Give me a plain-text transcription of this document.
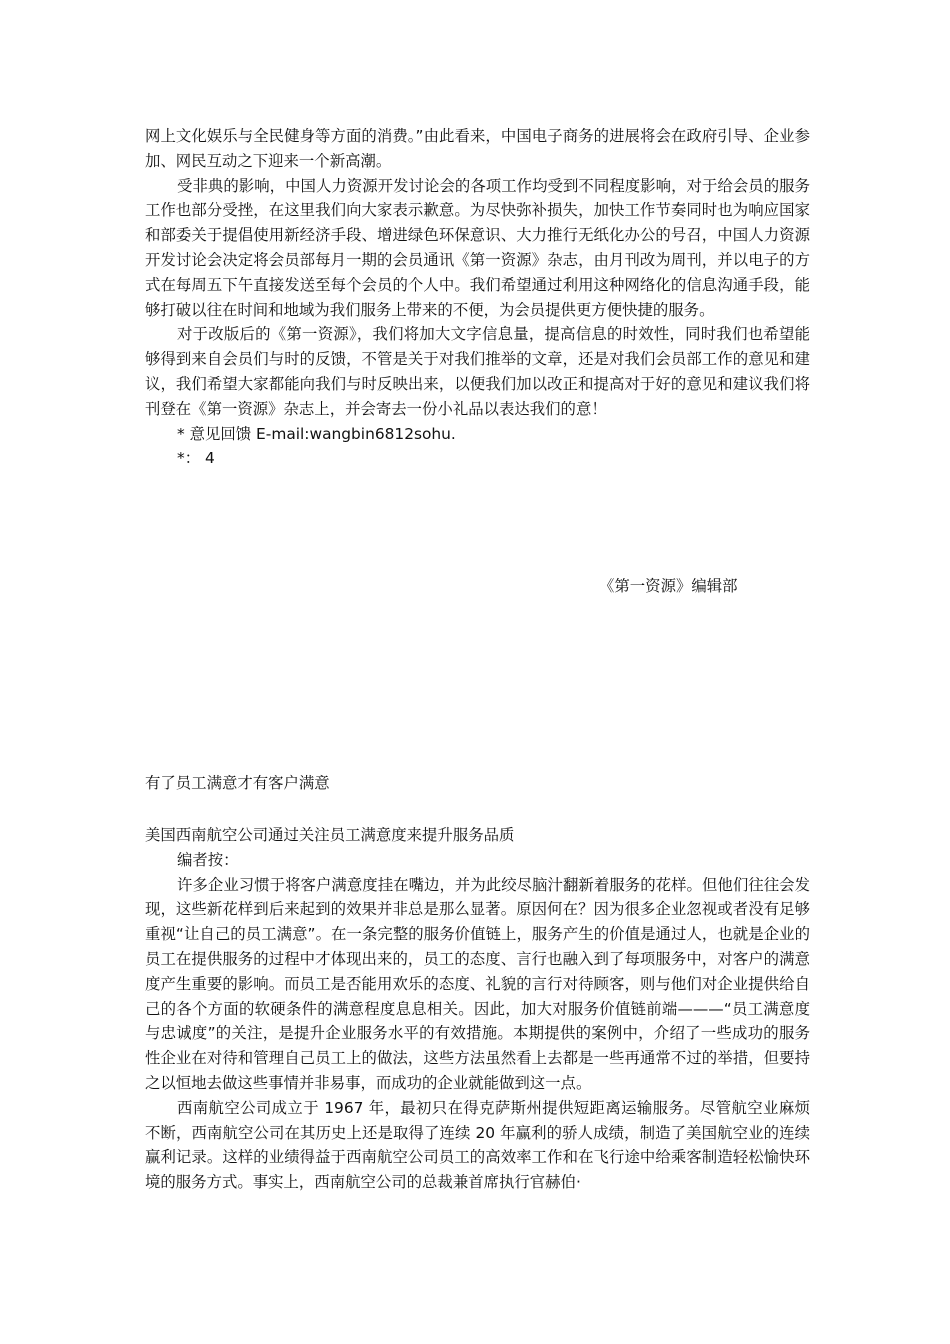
网上文化娱乐与全民健身等方面的消费。”由此看来，中国电子商务的进展将会在政府引导、企业参加、网民互动之下迎来一个新高潮。

受非典的影响，中国人力资源开发讨论会的各项工作均受到不同程度影响，对于给会员的服务工作也部分受挫，在这里我们向大家表示歉意。为尽快弥补损失，加快工作节奏同时也为响应国家和部委关于提倡使用新经济手段、增进绿色环保意识、大力推行无纸化办公的号召，中国人力资源开发讨论会决定将会员部每月一期的会员通讯《第一资源》杂志，由月刊改为周刊，并以电子的方式在每周五下午直接发送至每个会员的个人中。我们希望通过利用这种网络化的信息沟通手段，能够打破以往在时间和地域为我们服务上带来的不便，为会员提供更方便快捷的服务。

对于改版后的《第一资源》，我们将加大文字信息量，提高信息的时效性，同时我们也希望能够得到来自会员们与时的反馈，不管是关于对我们推举的文章，还是对我们会员部工作的意见和建议，我们希望大家都能向我们与时反映出来，以便我们加以改正和提高对于好的意见和建议我们将刊登在《第一资源》杂志上，并会寄去一份小礼品以表达我们的意！

* 意见回馈 E-mail:wangbin6812sohu.

*： 4

《第一资源》编辑部
有了员工满意才有客户满意

美国西南航空公司通过关注员工满意度来提升服务品质

编者按：

许多企业习惯于将客户满意度挂在嘴边，并为此绞尽脑汁翻新着服务的花样。但他们往往会发现，这些新花样到后来起到的效果并非总是那么显著。原因何在？因为很多企业忽视或者没有足够重视“让自己的员工满意”。在一条完整的服务价值链上，服务产生的价值是通过人，也就是企业的员工在提供服务的过程中才体现出来的，员工的态度、言行也融入到了每项服务中，对客户的满意度产生重要的影响。而员工是否能用欢乐的态度、礼貌的言行对待顾客，则与他们对企业提供给自己的各个方面的软硬条件的满意程度息息相关。因此，加大对服务价值链前端———“员工满意度与忠诚度”的关注，是提升企业服务水平的有效措施。本期提供的案例中，介绍了一些成功的服务性企业在对待和管理自己员工上的做法，这些方法虽然看上去都是一些再通常不过的举措，但要持之以恒地去做这些事情并非易事，而成功的企业就能做到这一点。

西南航空公司成立于 1967 年，最初只在得克萨斯州提供短距离运输服务。尽管航空业麻烦不断，西南航空公司在其历史上还是取得了连续 20 年赢利的骄人成绩，制造了美国航空业的连续赢利记录。这样的业绩得益于西南航空公司员工的高效率工作和在飞行途中给乘客制造轻松愉快环境的服务方式。事实上，西南航空公司的总裁兼首席执行官赫伯·
